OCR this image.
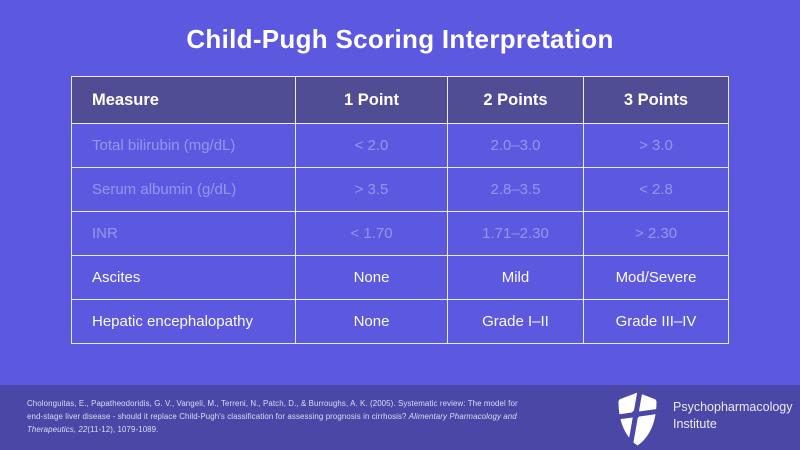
Child-Pugh Scoring Interpretation
Measure	1 Point	2 Points	3 Points
Total bilirubin (mg/dL)	< 2.0	2.0–3.0	> 3.0
Serum albumin (g/dL)	> 3.5	2.8–3.5	< 2.8
INR	< 1.70	1.71–2.30	> 2.30
Ascites	None	Mild	Mod/Severe
Hepatic encephalopathy	None	Grade I–II	Grade III–IV
Cholonguitas, E., Papatheodoridis, G. V., Vangeli, M., Terreni, N., Patch, D., & Burroughs, A. K. (2005). Systematic review: The model for
end-stage liver disease - should it replace Child-Pugh's classification for assessing prognosis in cirrhosis? Alimentary Pharmacology and
Therapeutics, 22(11-12), 1079-1089.
Psychopharmacology
Institute
